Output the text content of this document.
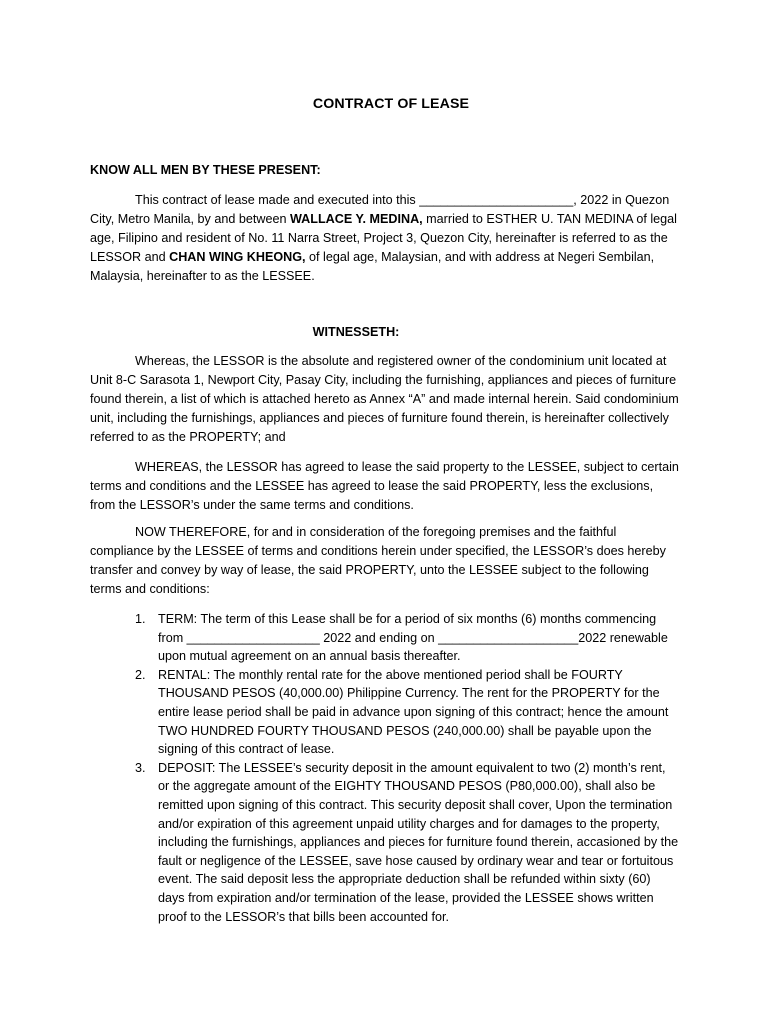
CONTRACT OF LEASE
KNOW ALL MEN BY THESE PRESENT:

This contract of lease made and executed into this ______________________, 2022 in Quezon City, Metro Manila, by and between WALLACE Y. MEDINA, married to ESTHER U. TAN MEDINA of legal age, Filipino and resident of No. 11 Narra Street, Project 3, Quezon City, hereinafter is referred to as the LESSOR and CHAN WING KHEONG, of legal age, Malaysian, and with address at Negeri Sembilan, Malaysia, hereinafter to as the LESSEE.

WITNESSETH:

Whereas, the LESSOR is the absolute and registered owner of the condominium unit located at Unit 8-C Sarasota 1, Newport City, Pasay City, including the furnishing, appliances and pieces of furniture found therein, a list of which is attached hereto as Annex “A” and made internal herein. Said condominium unit, including the furnishings, appliances and pieces of furniture found therein, is hereinafter collectively referred to as the PROPERTY; and

WHEREAS, the LESSOR has agreed to lease the said property to the LESSEE, subject to certain terms and conditions and the LESSEE has agreed to lease the said PROPERTY, less the exclusions, from the LESSOR’s under the same terms and conditions.

NOW THEREFORE, for and in consideration of the foregoing premises and the faithful compliance by the LESSEE of terms and conditions herein under specified, the LESSOR’s does hereby transfer and convey by way of lease, the said PROPERTY, unto the LESSEE subject to the following terms and conditions:

1. TERM: The term of this Lease shall be for a period of six months (6) months commencing from ___________________ 2022 and ending on ____________________2022 renewable upon mutual agreement on an annual basis thereafter.
2. RENTAL: The monthly rental rate for the above mentioned period shall be FOURTY THOUSAND PESOS (40,000.00) Philippine Currency. The rent for the PROPERTY for the entire lease period shall be paid in advance upon signing of this contract; hence the amount TWO HUNDRED FOURTY THOUSAND PESOS (240,000.00) shall be payable upon the signing of this contract of lease.
3. DEPOSIT: The LESSEE’s security deposit in the amount equivalent to two (2) month’s rent, or the aggregate amount of the EIGHTY THOUSAND PESOS (P80,000.00), shall also be remitted upon signing of this contract. This security deposit shall cover, Upon the termination and/or expiration of this agreement unpaid utility charges and for damages to the property, including the furnishings, appliances and pieces for furniture found therein, accasioned by the fault or negligence of the LESSEE, save hose caused by ordinary wear and tear or fortuitous event. The said deposit less the appropriate deduction shall be refunded within sixty (60) days from expiration and/or termination of the lease, provided the LESSEE shows written proof to the LESSOR’s that bills been accounted for.
